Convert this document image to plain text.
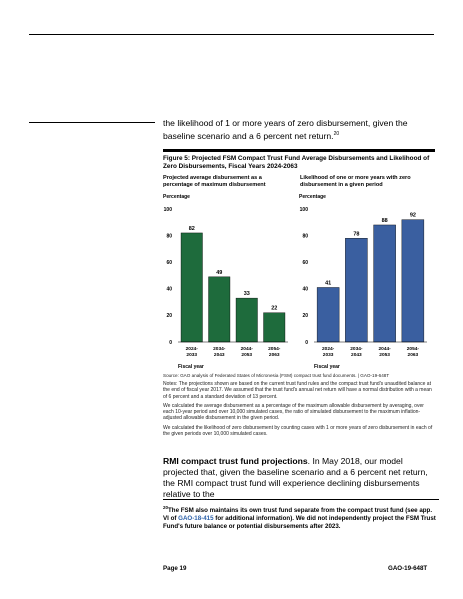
the likelihood of 1 or more years of zero disbursement, given the baseline scenario and a 6 percent net return.$^{20}$
Figure 5: Projected FSM Compact Trust Fund Average Disbursements and Likelihood of Zero Disbursements, Fiscal Years 2024-2063
Projected average disbursement as a percentage of maximum disbursement
Likelihood of one or more years with zero disbursement in a given period
Percentage
0
20
40
60
80
100
82
49
33
22
2024-
2033
2034-
2043
2044-
2053
2054-
2063
Fiscal year
Percentage
0
20
40
60
80
100
41
78
88
92
2024-
2033
2034-
2043
2044-
2053
2054-
2063
Fiscal year
Source: GAO analysis of Federated States of Micronesia (FSM) compact trust fund documents. | GAO-19-648T
Notes: The projections shown are based on the current trust fund rules and the compact trust fund's unaudited balance at the end of fiscal year 2017. We assumed that the trust fund's annual net return will have a normal distribution with a mean of 6 percent and a standard deviation of 13 percent.
We calculated the average disbursement as a percentage of the maximum allowable disbursement by averaging, over each 10-year period and over 10,000 simulated cases, the ratio of simulated disbursement to the maximum inflation-adjusted allowable disbursement in the given period.
We calculated the likelihood of zero disbursement by counting cases with 1 or more years of zero disbursement in each of the given periods over 10,000 simulated cases.
RMI compact trust fund projections. In May 2018, our model projected that, given the baseline scenario and a 6 percent net return, the RMI compact trust fund will experience declining disbursements relative to the
$^{20}$The FSM also maintains its own trust fund separate from the compact trust fund (see app. VI of GAO-18-415 for additional information). We did not independently project the FSM Trust Fund's future balance or potential disbursements after 2023.
Page 19	GAO-19-648T
